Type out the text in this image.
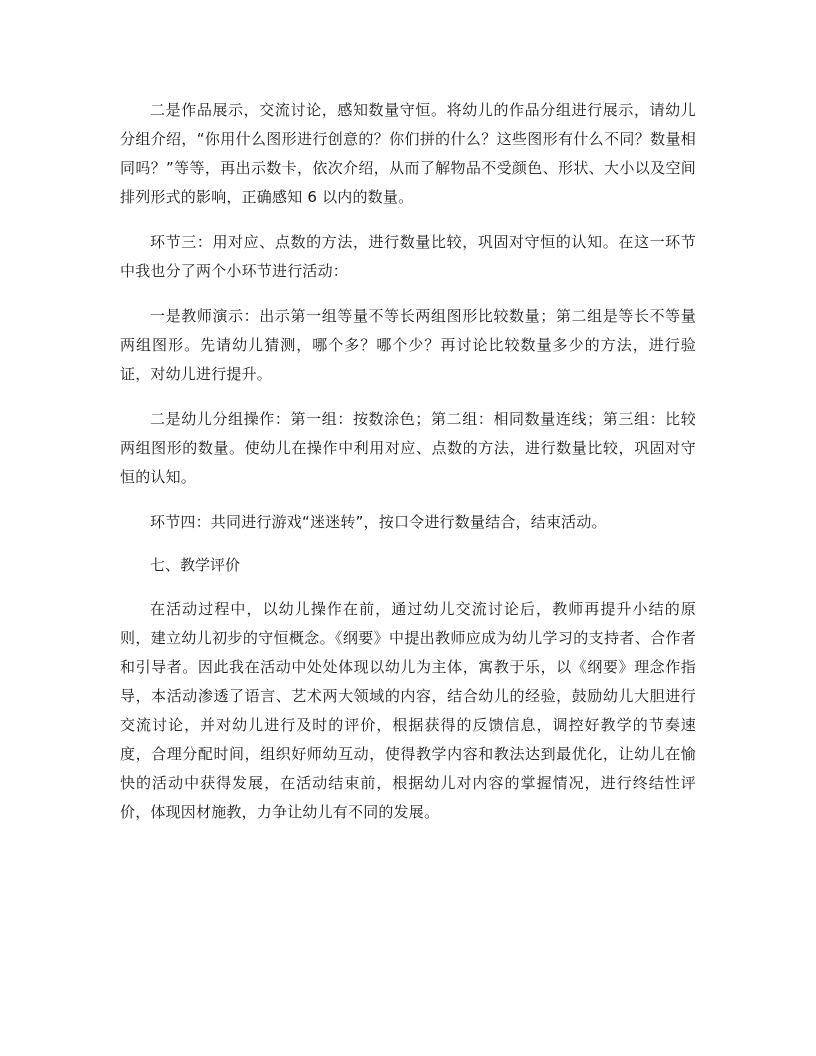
二是作品展示，交流讨论，感知数量守恒。将幼儿的作品分组进行展示，请幼儿分组介绍，“你用什么图形进行创意的？你们拼的什么？这些图形有什么不同？数量相同吗？”等等，再出示数卡，依次介绍，从而了解物品不受颜色、形状、大小以及空间排列形式的影响，正确感知 6 以内的数量。

环节三：用对应、点数的方法，进行数量比较，巩固对守恒的认知。在这一环节中我也分了两个小环节进行活动：

一是教师演示：出示第一组等量不等长两组图形比较数量；第二组是等长不等量两组图形。先请幼儿猜测，哪个多？哪个少？再讨论比较数量多少的方法，进行验证，对幼儿进行提升。

二是幼儿分组操作：第一组：按数涂色；第二组：相同数量连线；第三组：比较两组图形的数量。使幼儿在操作中利用对应、点数的方法，进行数量比较，巩固对守恒的认知。

环节四：共同进行游戏“迷迷转”，按口令进行数量结合，结束活动。

七、教学评价

在活动过程中，以幼儿操作在前，通过幼儿交流讨论后，教师再提升小结的原则，建立幼儿初步的守恒概念。《纲要》中提出教师应成为幼儿学习的支持者、合作者和引导者。因此我在活动中处处体现以幼儿为主体，寓教于乐，以《纲要》理念作指导，本活动渗透了语言、艺术两大领域的内容，结合幼儿的经验，鼓励幼儿大胆进行交流讨论，并对幼儿进行及时的评价，根据获得的反馈信息，调控好教学的节奏速度，合理分配时间，组织好师幼互动，使得教学内容和教法达到最优化，让幼儿在愉快的活动中获得发展，在活动结束前，根据幼儿对内容的掌握情况，进行终结性评价，体现因材施教，力争让幼儿有不同的发展。
